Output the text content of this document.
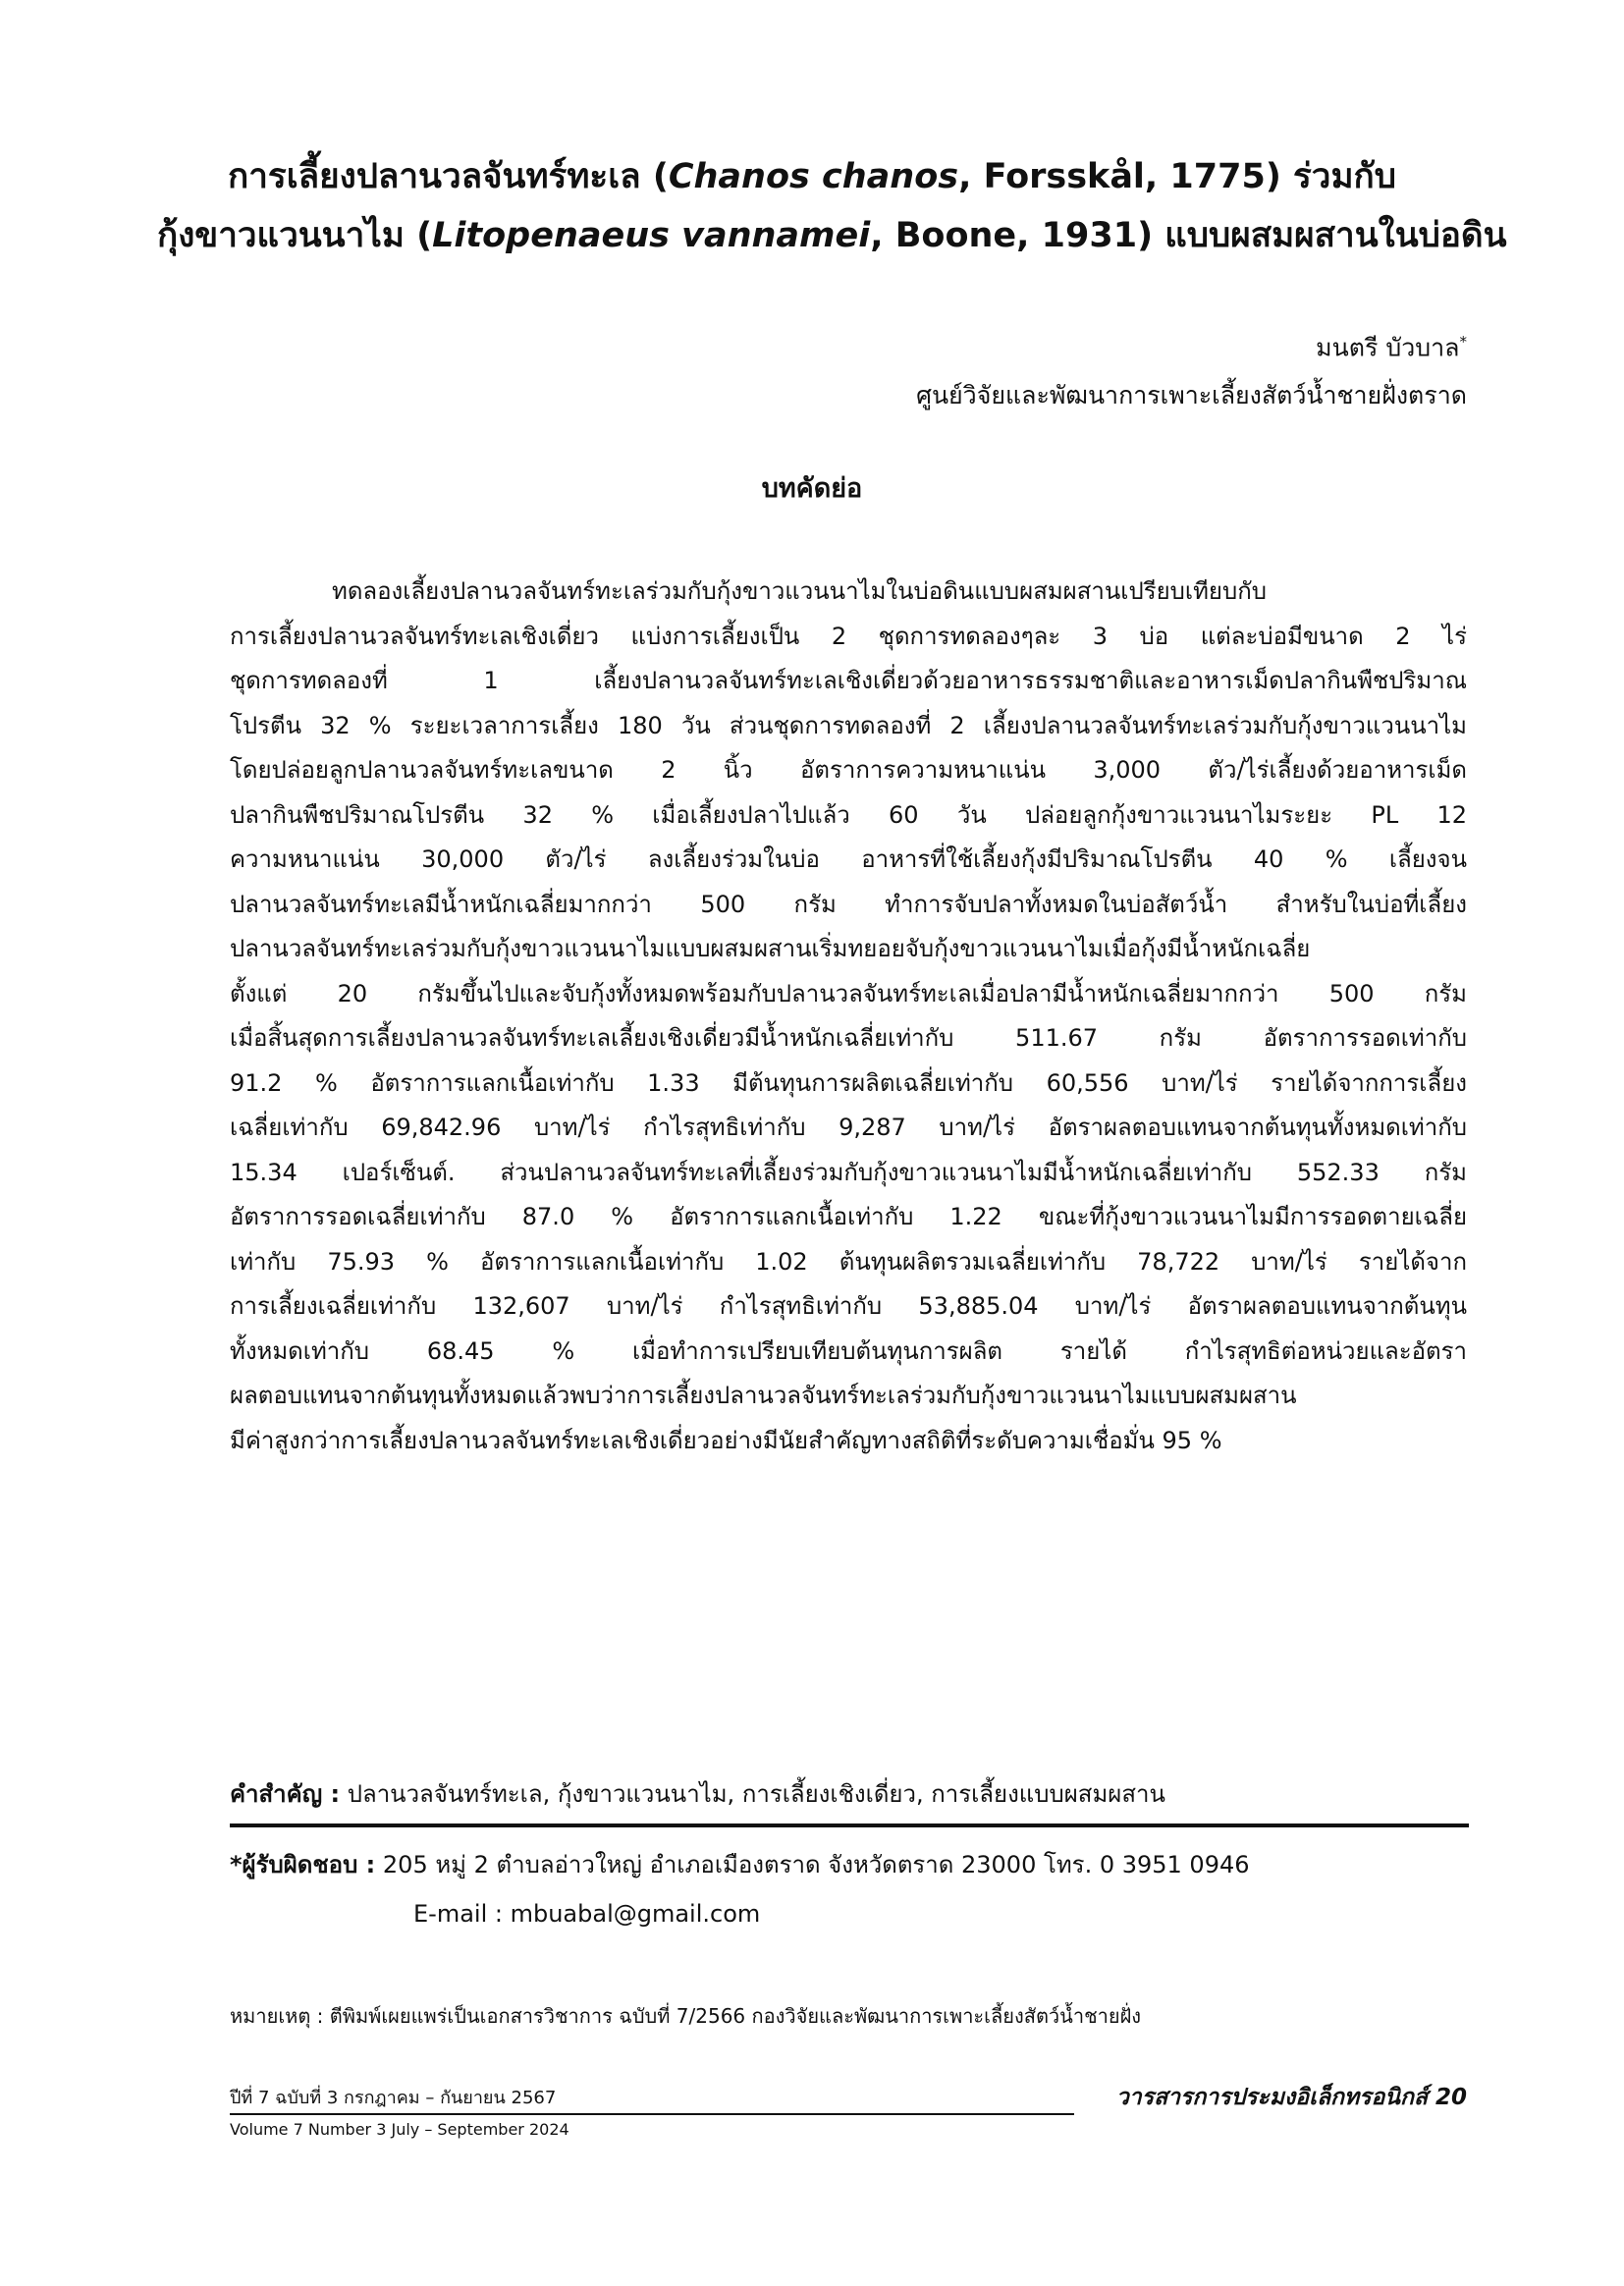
การเลี้ยงปลานวลจันทร์ทะเล (Chanos chanos, Forsskål, 1775) ร่วมกับ
กุ้งขาวแวนนาไม (Litopenaeus vannamei, Boone, 1931) แบบผสมผสานในบ่อดิน
มนตรี บัวบาล*
ศูนย์วิจัยและพัฒนาการเพาะเลี้ยงสัตว์น้ำชายฝั่งตราด
บทคัดย่อ
ทดลองเลี้ยงปลานวลจันทร์ทะเลร่วมกับกุ้งขาวแวนนาไมในบ่อดินแบบผสมผสานเปรียบเทียบกับ
การเลี้ยงปลานวลจันทร์ทะเลเชิงเดี่ยว แบ่งการเลี้ยงเป็น 2 ชุดการทดลองๆละ 3 บ่อ แต่ละบ่อมีขนาด 2 ไร่
ชุดการทดลองที่ 1 เลี้ยงปลานวลจันทร์ทะเลเชิงเดี่ยวด้วยอาหารธรรมชาติและอาหารเม็ดปลากินพืชปริมาณ
โปรตีน 32 % ระยะเวลาการเลี้ยง 180 วัน ส่วนชุดการทดลองที่ 2 เลี้ยงปลานวลจันทร์ทะเลร่วมกับกุ้งขาวแวนนาไม
โดยปล่อยลูกปลานวลจันทร์ทะเลขนาด 2 นิ้ว อัตราการความหนาแน่น 3,000 ตัว/ไร่เลี้ยงด้วยอาหารเม็ด
ปลากินพืชปริมาณโปรตีน 32 % เมื่อเลี้ยงปลาไปแล้ว 60 วัน ปล่อยลูกกุ้งขาวแวนนาไมระยะ PL 12
ความหนาแน่น 30,000 ตัว/ไร่ ลงเลี้ยงร่วมในบ่อ อาหารที่ใช้เลี้ยงกุ้งมีปริมาณโปรตีน 40 % เลี้ยงจน
ปลานวลจันทร์ทะเลมีน้ำหนักเฉลี่ยมากกว่า 500 กรัม ทำการจับปลาทั้งหมดในบ่อสัตว์น้ำ สำหรับในบ่อที่เลี้ยง
ปลานวลจันทร์ทะเลร่วมกับกุ้งขาวแวนนาไมแบบผสมผสานเริ่มทยอยจับกุ้งขาวแวนนาไมเมื่อกุ้งมีน้ำหนักเฉลี่ย
ตั้งแต่ 20 กรัมขึ้นไปและจับกุ้งทั้งหมดพร้อมกับปลานวลจันทร์ทะเลเมื่อปลามีน้ำหนักเฉลี่ยมากกว่า 500 กรัม
เมื่อสิ้นสุดการเลี้ยงปลานวลจันทร์ทะเลเลี้ยงเชิงเดี่ยวมีน้ำหนักเฉลี่ยเท่ากับ 511.67 กรัม อัตราการรอดเท่ากับ
91.2 % อัตราการแลกเนื้อเท่ากับ 1.33 มีต้นทุนการผลิตเฉลี่ยเท่ากับ 60,556 บาท/ไร่ รายได้จากการเลี้ยง
เฉลี่ยเท่ากับ 69,842.96 บาท/ไร่ กำไรสุทธิเท่ากับ 9,287 บาท/ไร่ อัตราผลตอบแทนจากต้นทุนทั้งหมดเท่ากับ
15.34 เปอร์เซ็นต์. ส่วนปลานวลจันทร์ทะเลที่เลี้ยงร่วมกับกุ้งขาวแวนนาไมมีน้ำหนักเฉลี่ยเท่ากับ 552.33 กรัม
อัตราการรอดเฉลี่ยเท่ากับ 87.0 % อัตราการแลกเนื้อเท่ากับ 1.22 ขณะที่กุ้งขาวแวนนาไมมีการรอดตายเฉลี่ย
เท่ากับ 75.93 % อัตราการแลกเนื้อเท่ากับ 1.02 ต้นทุนผลิตรวมเฉลี่ยเท่ากับ 78,722 บาท/ไร่ รายได้จาก
การเลี้ยงเฉลี่ยเท่ากับ 132,607 บาท/ไร่ กำไรสุทธิเท่ากับ 53,885.04 บาท/ไร่ อัตราผลตอบแทนจากต้นทุน
ทั้งหมดเท่ากับ 68.45 % เมื่อทำการเปรียบเทียบต้นทุนการผลิต รายได้ กำไรสุทธิต่อหน่วยและอัตรา
ผลตอบแทนจากต้นทุนทั้งหมดแล้วพบว่าการเลี้ยงปลานวลจันทร์ทะเลร่วมกับกุ้งขาวแวนนาไมแบบผสมผสาน
มีค่าสูงกว่าการเลี้ยงปลานวลจันทร์ทะเลเชิงเดี่ยวอย่างมีนัยสำคัญทางสถิติที่ระดับความเชื่อมั่น 95 %
คำสำคัญ : ปลานวลจันทร์ทะเล, กุ้งขาวแวนนาไม, การเลี้ยงเชิงเดี่ยว, การเลี้ยงแบบผสมผสาน
*ผู้รับผิดชอบ : 205 หมู่ 2 ตำบลอ่าวใหญ่ อำเภอเมืองตราด จังหวัดตราด 23000 โทร. 0 3951 0946
E-mail : mbuabal@gmail.com
หมายเหตุ : ตีพิมพ์เผยแพร่เป็นเอกสารวิชาการ ฉบับที่ 7/2566 กองวิจัยและพัฒนาการเพาะเลี้ยงสัตว์น้ำชายฝั่ง
ปีที่ 7 ฉบับที่ 3 กรกฎาคม – กันยายน 2567	วารสารการประมงอิเล็กทรอนิกส์ 20
Volume 7 Number 3 July – September 2024
